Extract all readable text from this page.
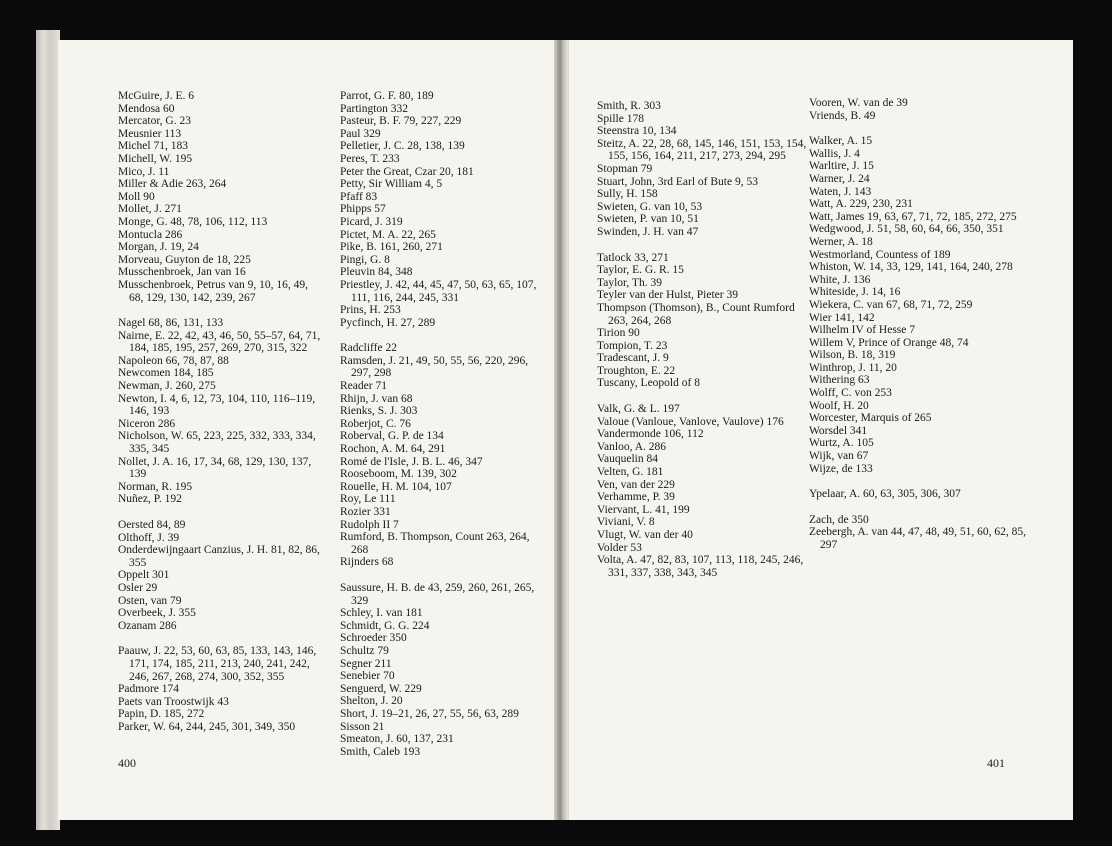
McGuire, J. E. 6

Mendosa 60

Mercator, G. 23

Meusnier 113

Michel 71, 183

Michell, W. 195

Mico, J. 11

Miller & Adie 263, 264

Moll 90

Mollet, J. 271

Monge, G. 48, 78, 106, 112, 113

Montucla 286

Morgan, J. 19, 24

Morveau, Guyton de 18, 225

Musschenbroek, Jan van 16

Musschenbroek, Petrus van 9, 10, 16, 49, 68, 129, 130, 142, 239, 267

Nagel 68, 86, 131, 133

Nairne, E. 22, 42, 43, 46, 50, 55–57, 64, 71, 184, 185, 195, 257, 269, 270, 315, 322

Napoleon 66, 78, 87, 88

Newcomen 184, 185

Newman, J. 260, 275

Newton, I. 4, 6, 12, 73, 104, 110, 116–119, 146, 193

Niceron 286

Nicholson, W. 65, 223, 225, 332, 333, 334, 335, 345

Nollet, J. A. 16, 17, 34, 68, 129, 130, 137, 139

Norman, R. 195

Nuñez, P. 192

Oersted 84, 89

Olthoff, J. 39

Onderdewijngaart Canzius, J. H. 81, 82, 86, 355

Oppelt 301

Osler 29

Osten, van 79

Overbeek, J. 355

Ozanam 286

Paauw, J. 22, 53, 60, 63, 85, 133, 143, 146, 171, 174, 185, 211, 213, 240, 241, 242, 246, 267, 268, 274, 300, 352, 355

Padmore 174

Paets van Troostwijk 43

Papin, D. 185, 272

Parker, W. 64, 244, 245, 301, 349, 350

Parrot, G. F. 80, 189

Partington 332

Pasteur, B. F. 79, 227, 229

Paul 329

Pelletier, J. C. 28, 138, 139

Peres, T. 233

Peter the Great, Czar 20, 181

Petty, Sir William 4, 5

Pfaff 83

Phipps 57

Picard, J. 319

Pictet, M. A. 22, 265

Pike, B. 161, 260, 271

Pingi, G. 8

Pleuvin 84, 348

Priestley, J. 42, 44, 45, 47, 50, 63, 65, 107, 111, 116, 244, 245, 331

Prins, H. 253

Pycfinch, H. 27, 289

Radcliffe 22

Ramsden, J. 21, 49, 50, 55, 56, 220, 296, 297, 298

Reader 71

Rhijn, J. van 68

Rienks, S. J. 303

Roberjot, C. 76

Roberval, G. P. de 134

Rochon, A. M. 64, 291

Romé de l'Isle, J. B. L. 46, 347

Rooseboom, M. 139, 302

Rouelle, H. M. 104, 107

Roy, Le 111

Rozier 331

Rudolph II 7

Rumford, B. Thompson, Count 263, 264, 268

Rijnders 68

Saussure, H. B. de 43, 259, 260, 261, 265, 329

Schley, I. van 181

Schmidt, G. G. 224

Schroeder 350

Schultz 79

Segner 211

Senebier 70

Senguerd, W. 229

Shelton, J. 20

Short, J. 19–21, 26, 27, 55, 56, 63, 289

Sisson 21

Smeaton, J. 60, 137, 231

Smith, Caleb 193

400

Smith, R. 303

Spille 178

Steenstra 10, 134

Steitz, A. 22, 28, 68, 145, 146, 151, 153, 154, 155, 156, 164, 211, 217, 273, 294, 295

Stopman 79

Stuart, John, 3rd Earl of Bute 9, 53

Sully, H. 158

Swieten, G. van 10, 53

Swieten, P. van 10, 51

Swinden, J. H. van 47

Tatlock 33, 271

Taylor, E. G. R. 15

Taylor, Th. 39

Teyler van der Hulst, Pieter 39

Thompson (Thomson), B., Count Rumford 263, 264, 268

Tirion 90

Tompion, T. 23

Tradescant, J. 9

Troughton, E. 22

Tuscany, Leopold of 8

Valk, G. & L. 197

Valoue (Vanloue, Vanlove, Vaulove) 176

Vandermonde 106, 112

Vanloo, A. 286

Vauquelin 84

Velten, G. 181

Ven, van der 229

Verhamme, P. 39

Viervant, L. 41, 199

Viviani, V. 8

Vlugt, W. van der 40

Volder 53

Volta, A. 47, 82, 83, 107, 113, 118, 245, 246, 331, 337, 338, 343, 345

Vooren, W. van de 39

Vriends, B. 49

Walker, A. 15

Wallis, J. 4

Warltire, J. 15

Warner, J. 24

Waten, J. 143

Watt, A. 229, 230, 231

Watt, James 19, 63, 67, 71, 72, 185, 272, 275

Wedgwood, J. 51, 58, 60, 64, 66, 350, 351

Werner, A. 18

Westmorland, Countess of 189

Whiston, W. 14, 33, 129, 141, 164, 240, 278

White, J. 136

Whiteside, J. 14, 16

Wiekera, C. van 67, 68, 71, 72, 259

Wier 141, 142

Wilhelm IV of Hesse 7

Willem V, Prince of Orange 48, 74

Wilson, B. 18, 319

Winthrop, J. 11, 20

Withering 63

Wolff, C. von 253

Woolf, H. 20

Worcester, Marquis of 265

Worsdel 341

Wurtz, A. 105

Wijk, van 67

Wijze, de 133

Ypelaar, A. 60, 63, 305, 306, 307

Zach, de 350

Zeebergh, A. van 44, 47, 48, 49, 51, 60, 62, 85, 297

401
